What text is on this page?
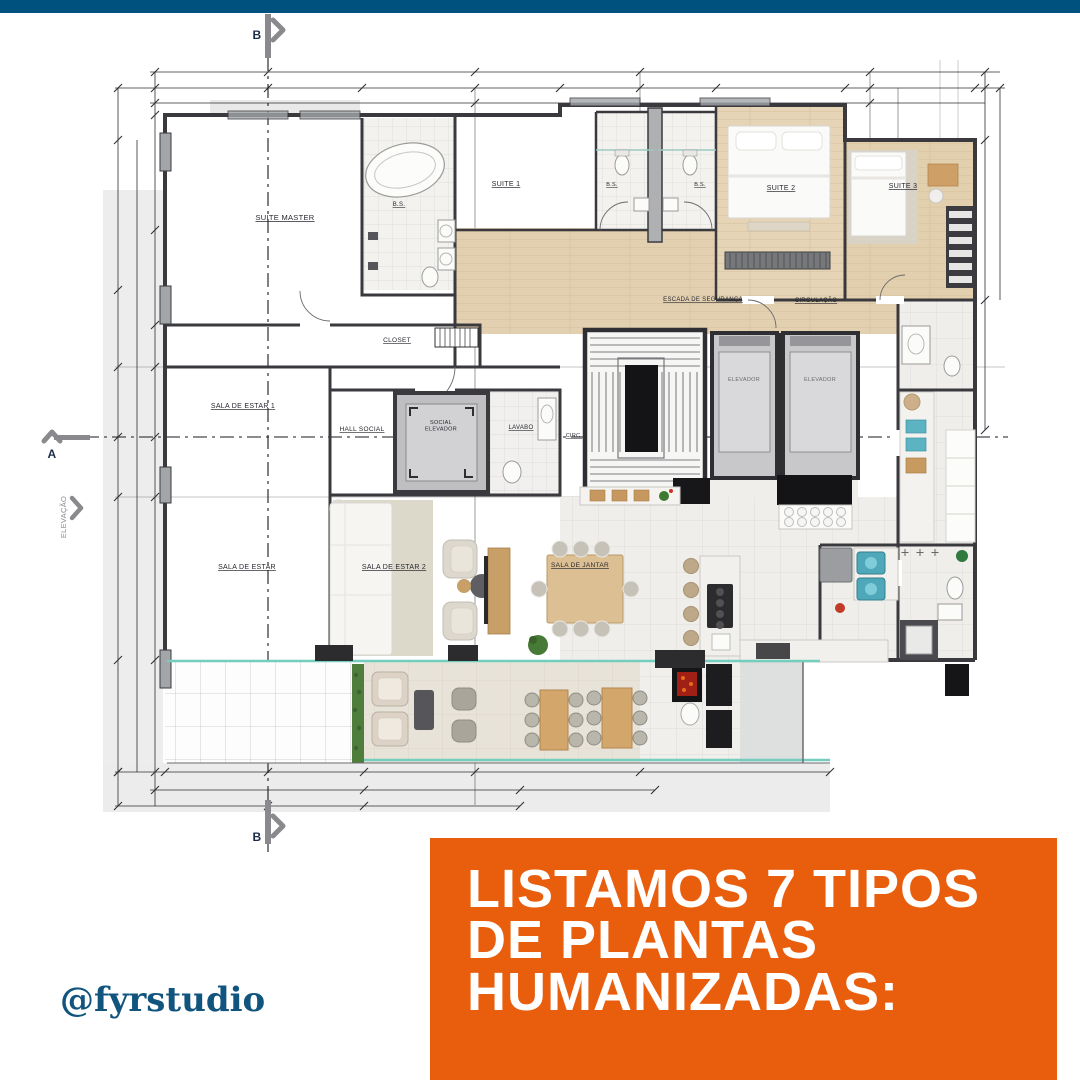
SUITE MASTER
SUITE 1
SUITE 2	SUITE 3
B.S.
B.S.	B.S.
CLOSET
ESCADA DE SEGURANÇA	CIRCULAÇÃO
ELEVADOR	ELEVADOR
SALA DE ESTAR 1
HALL SOCIAL
SOCIAL ELEVADOR	LAVABO
CIRC.
SALA DE ESTAR	SALA DE ESTAR 2	SALA DE JANTAR
B
B
A
ELEVAÇÃO
LISTAMOS 7 TIPOS
DE PLANTAS
HUMANIZADAS:
@fyrstudio
